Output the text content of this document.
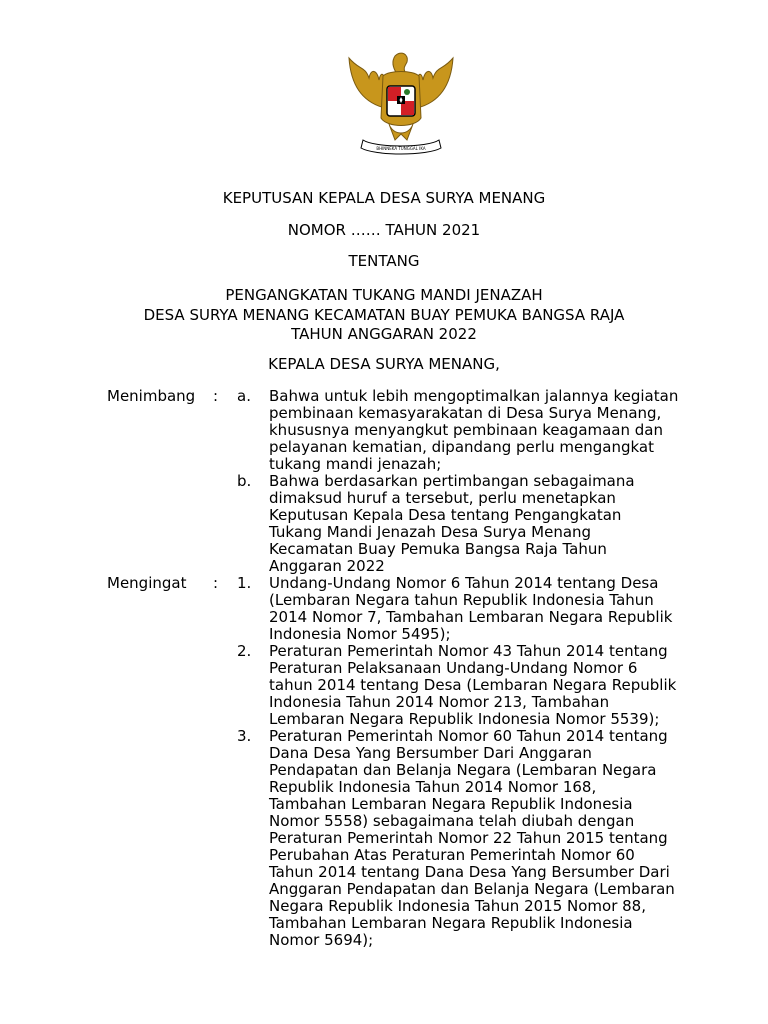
BHINNEKA TUNGGAL IKA
KEPUTUSAN KEPALA DESA SURYA MENANG
NOMOR …… TAHUN 2021
TENTANG
PENGANGKATAN TUKANG MANDI JENAZAH
DESA SURYA MENANG KECAMATAN BUAY PEMUKA BANGSA RAJA
TAHUN ANGGARAN 2022
KEPALA DESA SURYA MENANG,
Menimbang : a. Bahwa untuk lebih mengoptimalkan jalannya kegiatan
pembinaan kemasyarakatan di Desa Surya Menang,
khususnya menyangkut pembinaan keagamaan dan
pelayanan kematian, dipandang perlu mengangkat
tukang mandi jenazah;
b. Bahwa berdasarkan pertimbangan sebagaimana
dimaksud huruf a tersebut, perlu menetapkan
Keputusan Kepala Desa tentang Pengangkatan
Tukang Mandi Jenazah Desa Surya Menang
Kecamatan Buay Pemuka Bangsa Raja Tahun
Anggaran 2022
Mengingat : 1. Undang-Undang Nomor 6 Tahun 2014 tentang Desa
(Lembaran Negara tahun Republik Indonesia Tahun
2014 Nomor 7, Tambahan Lembaran Negara Republik
Indonesia Nomor 5495);
2. Peraturan Pemerintah Nomor 43 Tahun 2014 tentang
Peraturan Pelaksanaan Undang-Undang Nomor 6
tahun 2014 tentang Desa (Lembaran Negara Republik
Indonesia Tahun 2014 Nomor 213, Tambahan
Lembaran Negara Republik Indonesia Nomor 5539);
3. Peraturan Pemerintah Nomor 60 Tahun 2014 tentang
Dana Desa Yang Bersumber Dari Anggaran
Pendapatan dan Belanja Negara (Lembaran Negara
Republik Indonesia Tahun 2014 Nomor 168,
Tambahan Lembaran Negara Republik Indonesia
Nomor 5558) sebagaimana telah diubah dengan
Peraturan Pemerintah Nomor 22 Tahun 2015 tentang
Perubahan Atas Peraturan Pemerintah Nomor 60
Tahun 2014 tentang Dana Desa Yang Bersumber Dari
Anggaran Pendapatan dan Belanja Negara (Lembaran
Negara Republik Indonesia Tahun 2015 Nomor 88,
Tambahan Lembaran Negara Republik Indonesia
Nomor 5694);
